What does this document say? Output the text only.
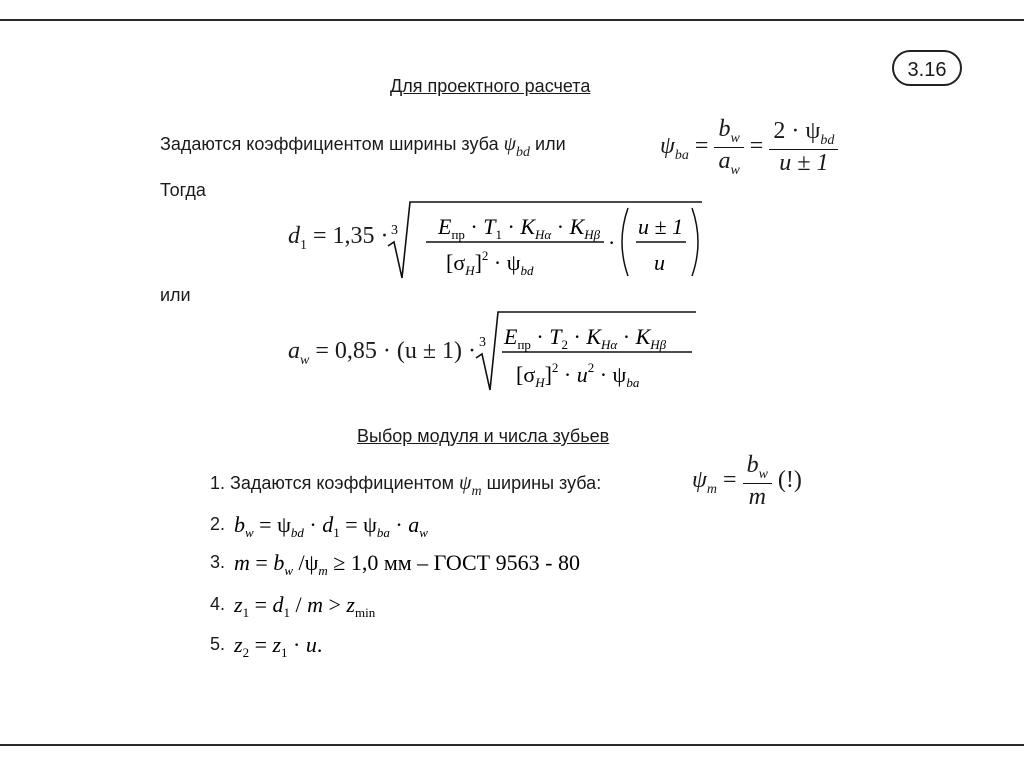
3.16
Для проектного расчета
Задаются коэффициентом ширины зуба $\psi_{bd}$ или	$\psi_{ba} = \frac{b_w}{a_w} = \frac{2 \cdot \psi_{bd}}{u \pm 1}$
Тогда
$d_1 = 1,35 \cdot 3$ $E_{пр} \cdot T_1 \cdot K_{H\alpha} \cdot K_{H\beta}$
$[\sigma_H]^2 \cdot \psi_{bd}$
·
u ± 1
u
или
$a_w = 0,85 \cdot (u \pm 1) \cdot 3$ $E_{пр} \cdot T_2 \cdot K_{H\alpha} \cdot K_{H\beta}$
$[\sigma_H]^2 \cdot u^2 \cdot \psi_{ba}$
Выбор модуля и числа зубьев
1. Задаются коэффициентом $\psi_m$ ширины зуба:	$\psi_m = \frac{b_w}{m}$ (!)
2. $b_w = \psi_{bd} \cdot d_1 = \psi_{ba} \cdot a_w$
3. $m = b_w$ $/\psi_m \ge 1,0$ мм – ГОСТ 9563 - 80
4. $z_1 = d_1 / m > z_{min}$
5. $z_2 = z_1 \cdot u$.
